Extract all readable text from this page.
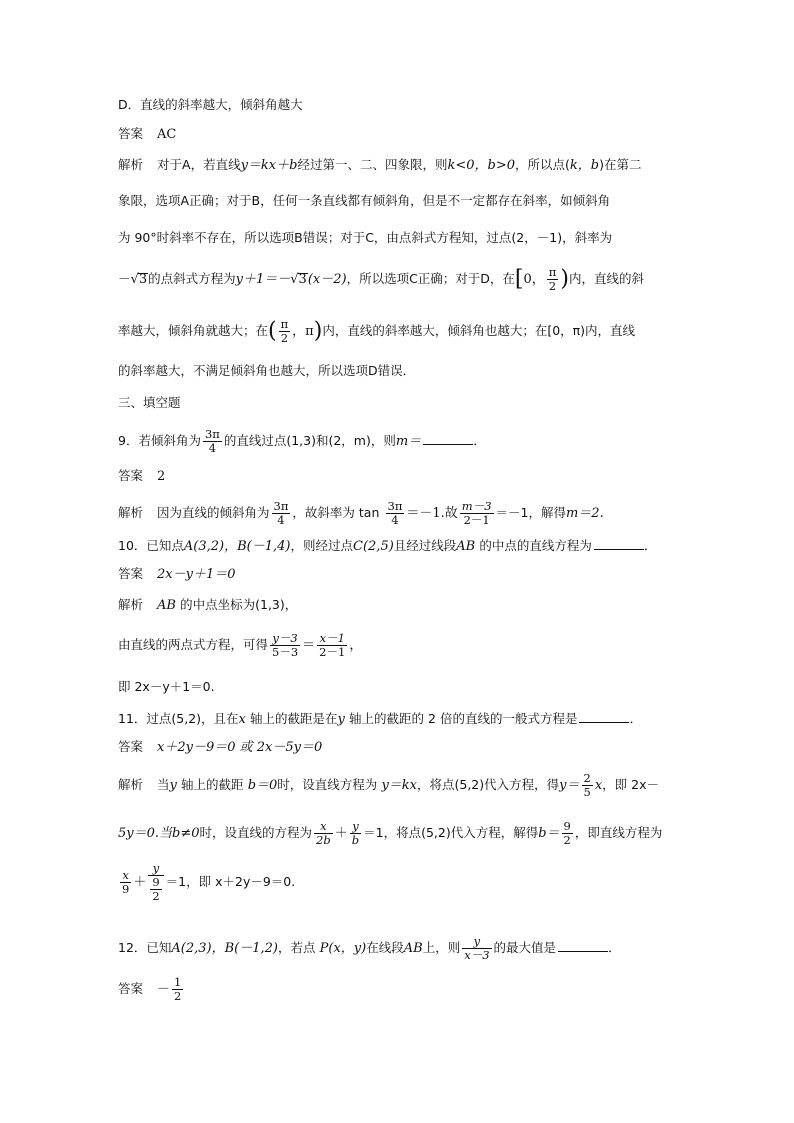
D．直线的斜率越大，倾斜角越大
答案 AC
解析 对于A，若直线y＝kx＋b经过第一、二、四象限，则k<0，b>0，所以点(k，b)在第二
象限，选项A正确；对于B，任何一条直线都有倾斜角，但是不一定都存在斜率，如倾斜角
为 90°时斜率不存在，所以选项B错误；对于C，由点斜式方程知，过点(2，－1)，斜率为
－√3的点斜式方程为y＋1＝－√3(x－2)，所以选项C正确；对于D，在[0， $\frac{\pi}{2}$ )内，直线的斜
率越大，倾斜角就越大；在( $\frac{\pi}{2}$ ，π)内，直线的斜率越大，倾斜角也越大；在[0，π)内，直线
的斜率越大，不满足倾斜角也越大，所以选项D错误．
三、填空题
9．若倾斜角为 $\frac{3\pi}{4}$ 的直线过点(1,3)和(2，m)，则m＝	．
答案 2
解析 因为直线的倾斜角为 $\frac{3\pi}{4}$ ，故斜率为 $\tan \frac{3\pi}{4} =-1$.故 $\frac{m-3}{2-1} =-1$，解得m＝2.
10．已知点A(3,2)，B(－1,4)，则经过点C(2,5)且经过线段AB 的中点的直线方程为	．
答案 2x－y＋1＝0
解析 AB 的中点坐标为(1,3)，
由直线的两点式方程，可得 $\frac{y-3}{5-3} = \frac{x-1}{2-1}$ ，
即 2x－y＋1＝0.
11．过点(5,2)，且在x 轴上的截距是在y 轴上的截距的 2 倍的直线的一般式方程是	．
答案 x＋2y－9＝0 或 2x－5y＝0
解析 当y 轴上的截距 b＝0时，设直线方程为 y＝kx，将点(5,2)代入方程，得$y= \frac{2}{5}$ x，即 2x－
5y＝0.当b≠0时，设直线的方程为 $\frac{x}{2b} + \frac{y}{b} =1$，将点(5,2)代入方程，解得$b= \frac{9}{2}$ ，即直线方程为
$\frac{x}{9} + \frac{y}{\frac{9}{2}} =1$，即 x＋2y－9＝0.
12．已知A(2,3)，B(－1,2)，若点 P(x，y)在线段AB上，则 $\frac{y}{x-3}$ 的最大值是	．
答案 － $\frac{1}{2}$
